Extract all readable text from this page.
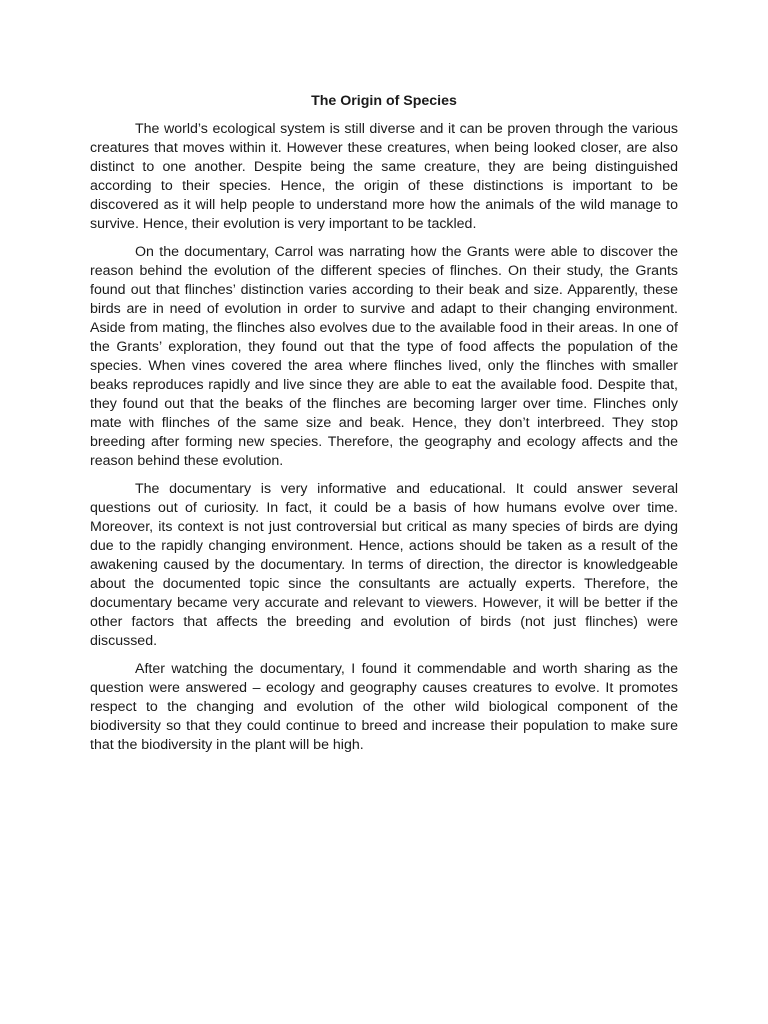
The Origin of Species

The world’s ecological system is still diverse and it can be proven through the various creatures that moves within it. However these creatures, when being looked closer, are also distinct to one another. Despite being the same creature, they are being distinguished according to their species. Hence, the origin of these distinctions is important to be discovered as it will help people to understand more how the animals of the wild manage to survive. Hence, their evolution is very important to be tackled.

On the documentary, Carrol was narrating how the Grants were able to discover the reason behind the evolution of the different species of flinches. On their study, the Grants found out that flinches’ distinction varies according to their beak and size. Apparently, these birds are in need of evolution in order to survive and adapt to their changing environment. Aside from mating, the flinches also evolves due to the available food in their areas. In one of the Grants’ exploration, they found out that the type of food affects the population of the species. When vines covered the area where flinches lived, only the flinches with smaller beaks reproduces rapidly and live since they are able to eat the available food. Despite that, they found out that the beaks of the flinches are becoming larger over time. Flinches only mate with flinches of the same size and beak. Hence, they don’t interbreed. They stop breeding after forming new species. Therefore, the geography and ecology affects and the reason behind these evolution.

The documentary is very informative and educational. It could answer several questions out of curiosity. In fact, it could be a basis of how humans evolve over time. Moreover, its context is not just controversial but critical as many species of birds are dying due to the rapidly changing environment. Hence, actions should be taken as a result of the awakening caused by the documentary. In terms of direction, the director is knowledgeable about the documented topic since the consultants are actually experts. Therefore, the documentary became very accurate and relevant to viewers. However, it will be better if the other factors that affects the breeding and evolution of birds (not just flinches) were discussed.

After watching the documentary, I found it commendable and worth sharing as the question were answered – ecology and geography causes creatures to evolve. It promotes respect to the changing and evolution of the other wild biological component of the biodiversity so that they could continue to breed and increase their population to make sure that the biodiversity in the plant will be high.
